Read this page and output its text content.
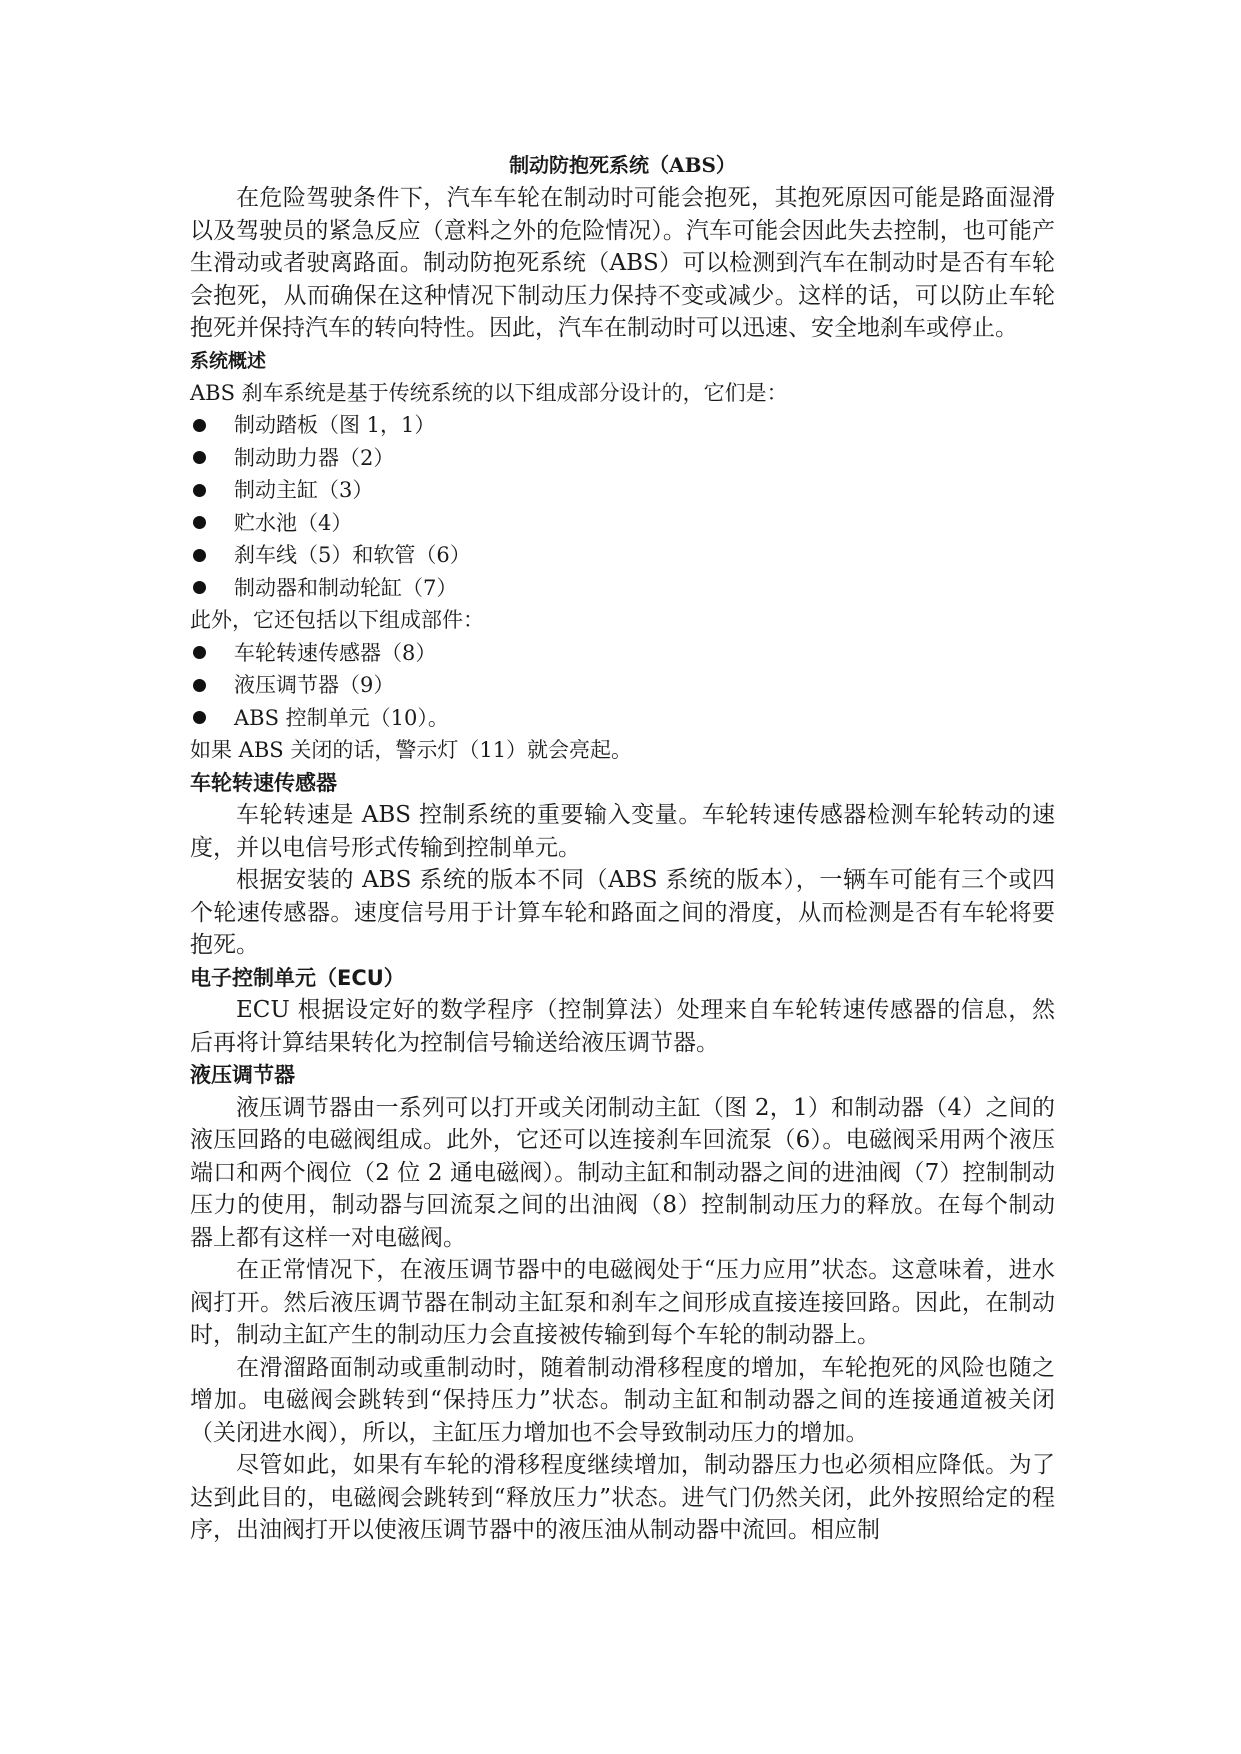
制动防抱死系统（ABS）

在危险驾驶条件下，汽车车轮在制动时可能会抱死，其抱死原因可能是路面湿滑以及驾驶员的紧急反应（意料之外的危险情况）。汽车可能会因此失去控制，也可能产生滑动或者驶离路面。制动防抱死系统（ABS）可以检测到汽车在制动时是否有车轮会抱死，从而确保在这种情况下制动压力保持不变或减少。这样的话，可以防止车轮抱死并保持汽车的转向特性。因此，汽车在制动时可以迅速、安全地刹车或停止。

系统概述

ABS 刹车系统是基于传统系统的以下组成部分设计的，它们是：

制动踏板（图 1，1）
制动助力器（2）
制动主缸（3）
贮水池（4）
刹车线（5）和软管（6）
制动器和制动轮缸（7）

此外，它还包括以下组成部件：

车轮转速传感器（8）
液压调节器（9）
ABS 控制单元（10）。

如果 ABS 关闭的话，警示灯（11）就会亮起。

车轮转速传感器

车轮转速是 ABS 控制系统的重要输入变量。车轮转速传感器检测车轮转动的速度，并以电信号形式传输到控制单元。

根据安装的 ABS 系统的版本不同（ABS 系统的版本），一辆车可能有三个或四个轮速传感器。速度信号用于计算车轮和路面之间的滑度，从而检测是否有车轮将要抱死。

电子控制单元（ECU）

ECU 根据设定好的数学程序（控制算法）处理来自车轮转速传感器的信息，然后再将计算结果转化为控制信号输送给液压调节器。

液压调节器

液压调节器由一系列可以打开或关闭制动主缸（图 2，1）和制动器（4）之间的液压回路的电磁阀组成。此外，它还可以连接刹车回流泵（6）。电磁阀采用两个液压端口和两个阀位（2 位 2 通电磁阀）。制动主缸和制动器之间的进油阀（7）控制制动压力的使用，制动器与回流泵之间的出油阀（8）控制制动压力的释放。在每个制动器上都有这样一对电磁阀。

在正常情况下，在液压调节器中的电磁阀处于“压力应用”状态。这意味着，进水阀打开。然后液压调节器在制动主缸泵和刹车之间形成直接连接回路。因此，在制动时，制动主缸产生的制动压力会直接被传输到每个车轮的制动器上。

在滑溜路面制动或重制动时，随着制动滑移程度的增加，车轮抱死的风险也随之增加。电磁阀会跳转到“保持压力”状态。制动主缸和制动器之间的连接通道被关闭（关闭进水阀），所以，主缸压力增加也不会导致制动压力的增加。

尽管如此，如果有车轮的滑移程度继续增加，制动器压力也必须相应降低。为了达到此目的，电磁阀会跳转到“释放压力”状态。进气门仍然关闭，此外按照给定的程序，出油阀打开以使液压调节器中的液压油从制动器中流回。相应制
